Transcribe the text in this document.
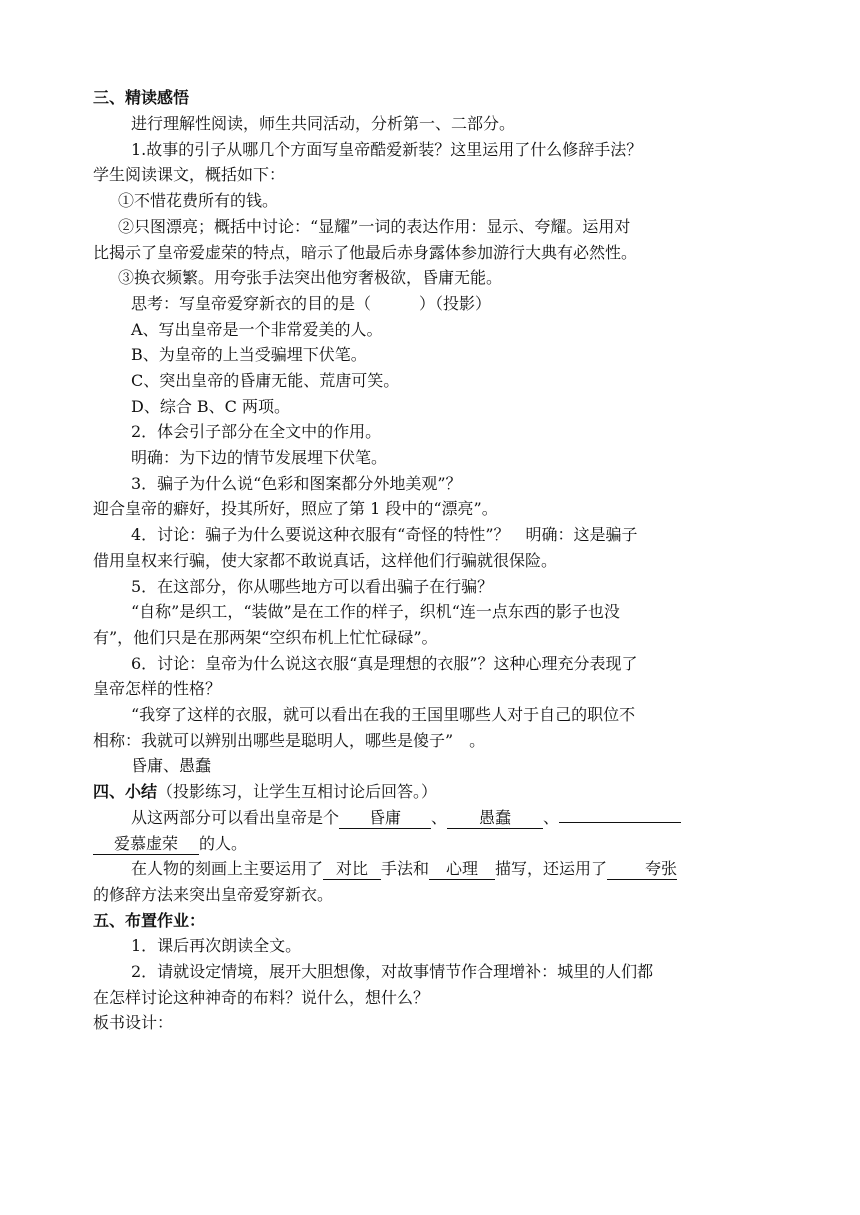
三、精读感悟
进行理解性阅读，师生共同活动，分析第一、二部分。
1.故事的引子从哪几个方面写皇帝酷爱新装？这里运用了什么修辞手法？
学生阅读课文，概括如下：
①不惜花费所有的钱。
②只图漂亮；概括中讨论：“显耀”一词的表达作用：显示、夸耀。运用对
比揭示了皇帝爱虚荣的特点，暗示了他最后赤身露体参加游行大典有必然性。
③换衣频繁。用夸张手法突出他穷奢极欲，昏庸无能。
思考：写皇帝爱穿新衣的目的是（　　　）（投影）
A、写出皇帝是一个非常爱美的人。
B、为皇帝的上当受骗埋下伏笔。
C、突出皇帝的昏庸无能、荒唐可笑。
D、综合 B、C 两项。
2．体会引子部分在全文中的作用。
明确：为下边的情节发展埋下伏笔。
3．骗子为什么说“色彩和图案都分外地美观”？
迎合皇帝的癖好，投其所好，照应了第 1 段中的“漂亮”。
4．讨论：骗子为什么要说这种衣服有“奇怪的特性”？　明确：这是骗子
借用皇权来行骗，使大家都不敢说真话，这样他们行骗就很保险。
5．在这部分，你从哪些地方可以看出骗子在行骗？
“自称”是织工，“装做”是在工作的样子，织机“连一点东西的影子也没
有”，他们只是在那两架“空织布机上忙忙碌碌”。
6．讨论：皇帝为什么说这衣服“真是理想的衣服”？这种心理充分表现了
皇帝怎样的性格？
“我穿了这样的衣服，就可以看出在我的王国里哪些人对于自己的职位不
相称：我就可以辨别出哪些是聪明人，哪些是傻子”　。
昏庸、愚蠢
四、小结（投影练习，让学生互相讨论后回答。）
从这两部分可以看出皇帝是个 昏庸 、 愚蠢 、
爱慕虚荣 的人。
在人物的刻画上主要运用了 对比 手法和 心理 描写，还运用了 夸张
的修辞方法来突出皇帝爱穿新衣。
五、布置作业：
1．课后再次朗读全文。
2．请就设定情境，展开大胆想像，对故事情节作合理增补：城里的人们都
在怎样讨论这种神奇的布料？说什么，想什么？
板书设计：
